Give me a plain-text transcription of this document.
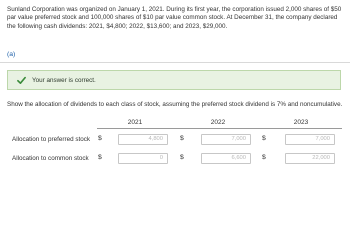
Sunland Corporation was organized on January 1, 2021. During its first year, the corporation issued 2,000 shares of $50 par value preferred stock and 100,000 shares of $10 par value common stock. At December 31, the company declared the following cash dividends: 2021, $4,800; 2022, $13,600; and 2023, $29,000.

(a)
Your answer is correct.
Show the allocation of dividends to each class of stock, assuming the preferred stock dividend is 7% and noncumulative.
2021	2022	2023
Allocation to preferred stock $	4,800	$	7,000	$	7,000
Allocation to common stock $	0	$	6,600	$	22,000
